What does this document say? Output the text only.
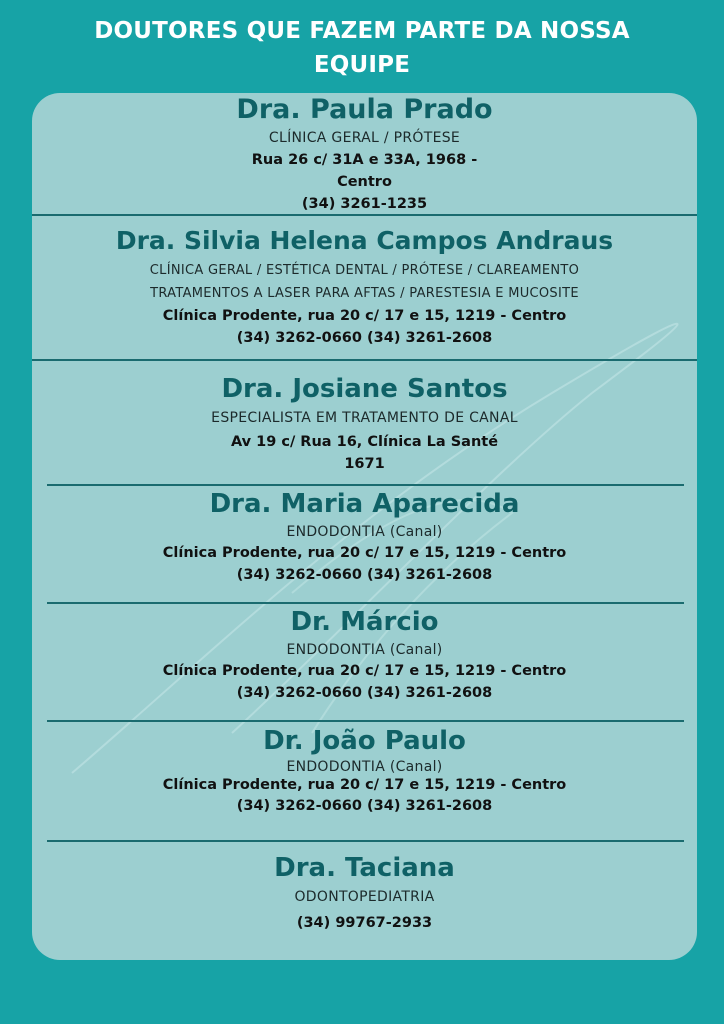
DOUTORES QUE FAZEM PARTE DA NOSSA
EQUIPE
Dra. Paula Prado
CLÍNICA GERAL / PRÓTESE
Rua 26 c/ 31A e 33A, 1968 -
Centro
(34) 3261-1235
Dra. Silvia Helena Campos Andraus
CLÍNICA GERAL / ESTÉTICA DENTAL / PRÓTESE / CLAREAMENTO
TRATAMENTOS A LASER PARA AFTAS / PARESTESIA E MUCOSITE
Clínica Prodente, rua 20 c/ 17 e 15, 1219 - Centro
(34) 3262-0660 (34) 3261-2608
Dra. Josiane Santos
ESPECIALISTA EM TRATAMENTO DE CANAL
Av 19 c/ Rua 16, Clínica La Santé
1671
Dra. Maria Aparecida
ENDODONTIA (Canal)
Clínica Prodente, rua 20 c/ 17 e 15, 1219 - Centro
(34) 3262-0660 (34) 3261-2608
Dr. Márcio
ENDODONTIA (Canal)
Clínica Prodente, rua 20 c/ 17 e 15, 1219 - Centro
(34) 3262-0660 (34) 3261-2608
Dr. João Paulo
ENDODONTIA (Canal)
Clínica Prodente, rua 20 c/ 17 e 15, 1219 - Centro
(34) 3262-0660 (34) 3261-2608
Dra. Taciana
ODONTOPEDIATRIA
(34) 99767-2933
